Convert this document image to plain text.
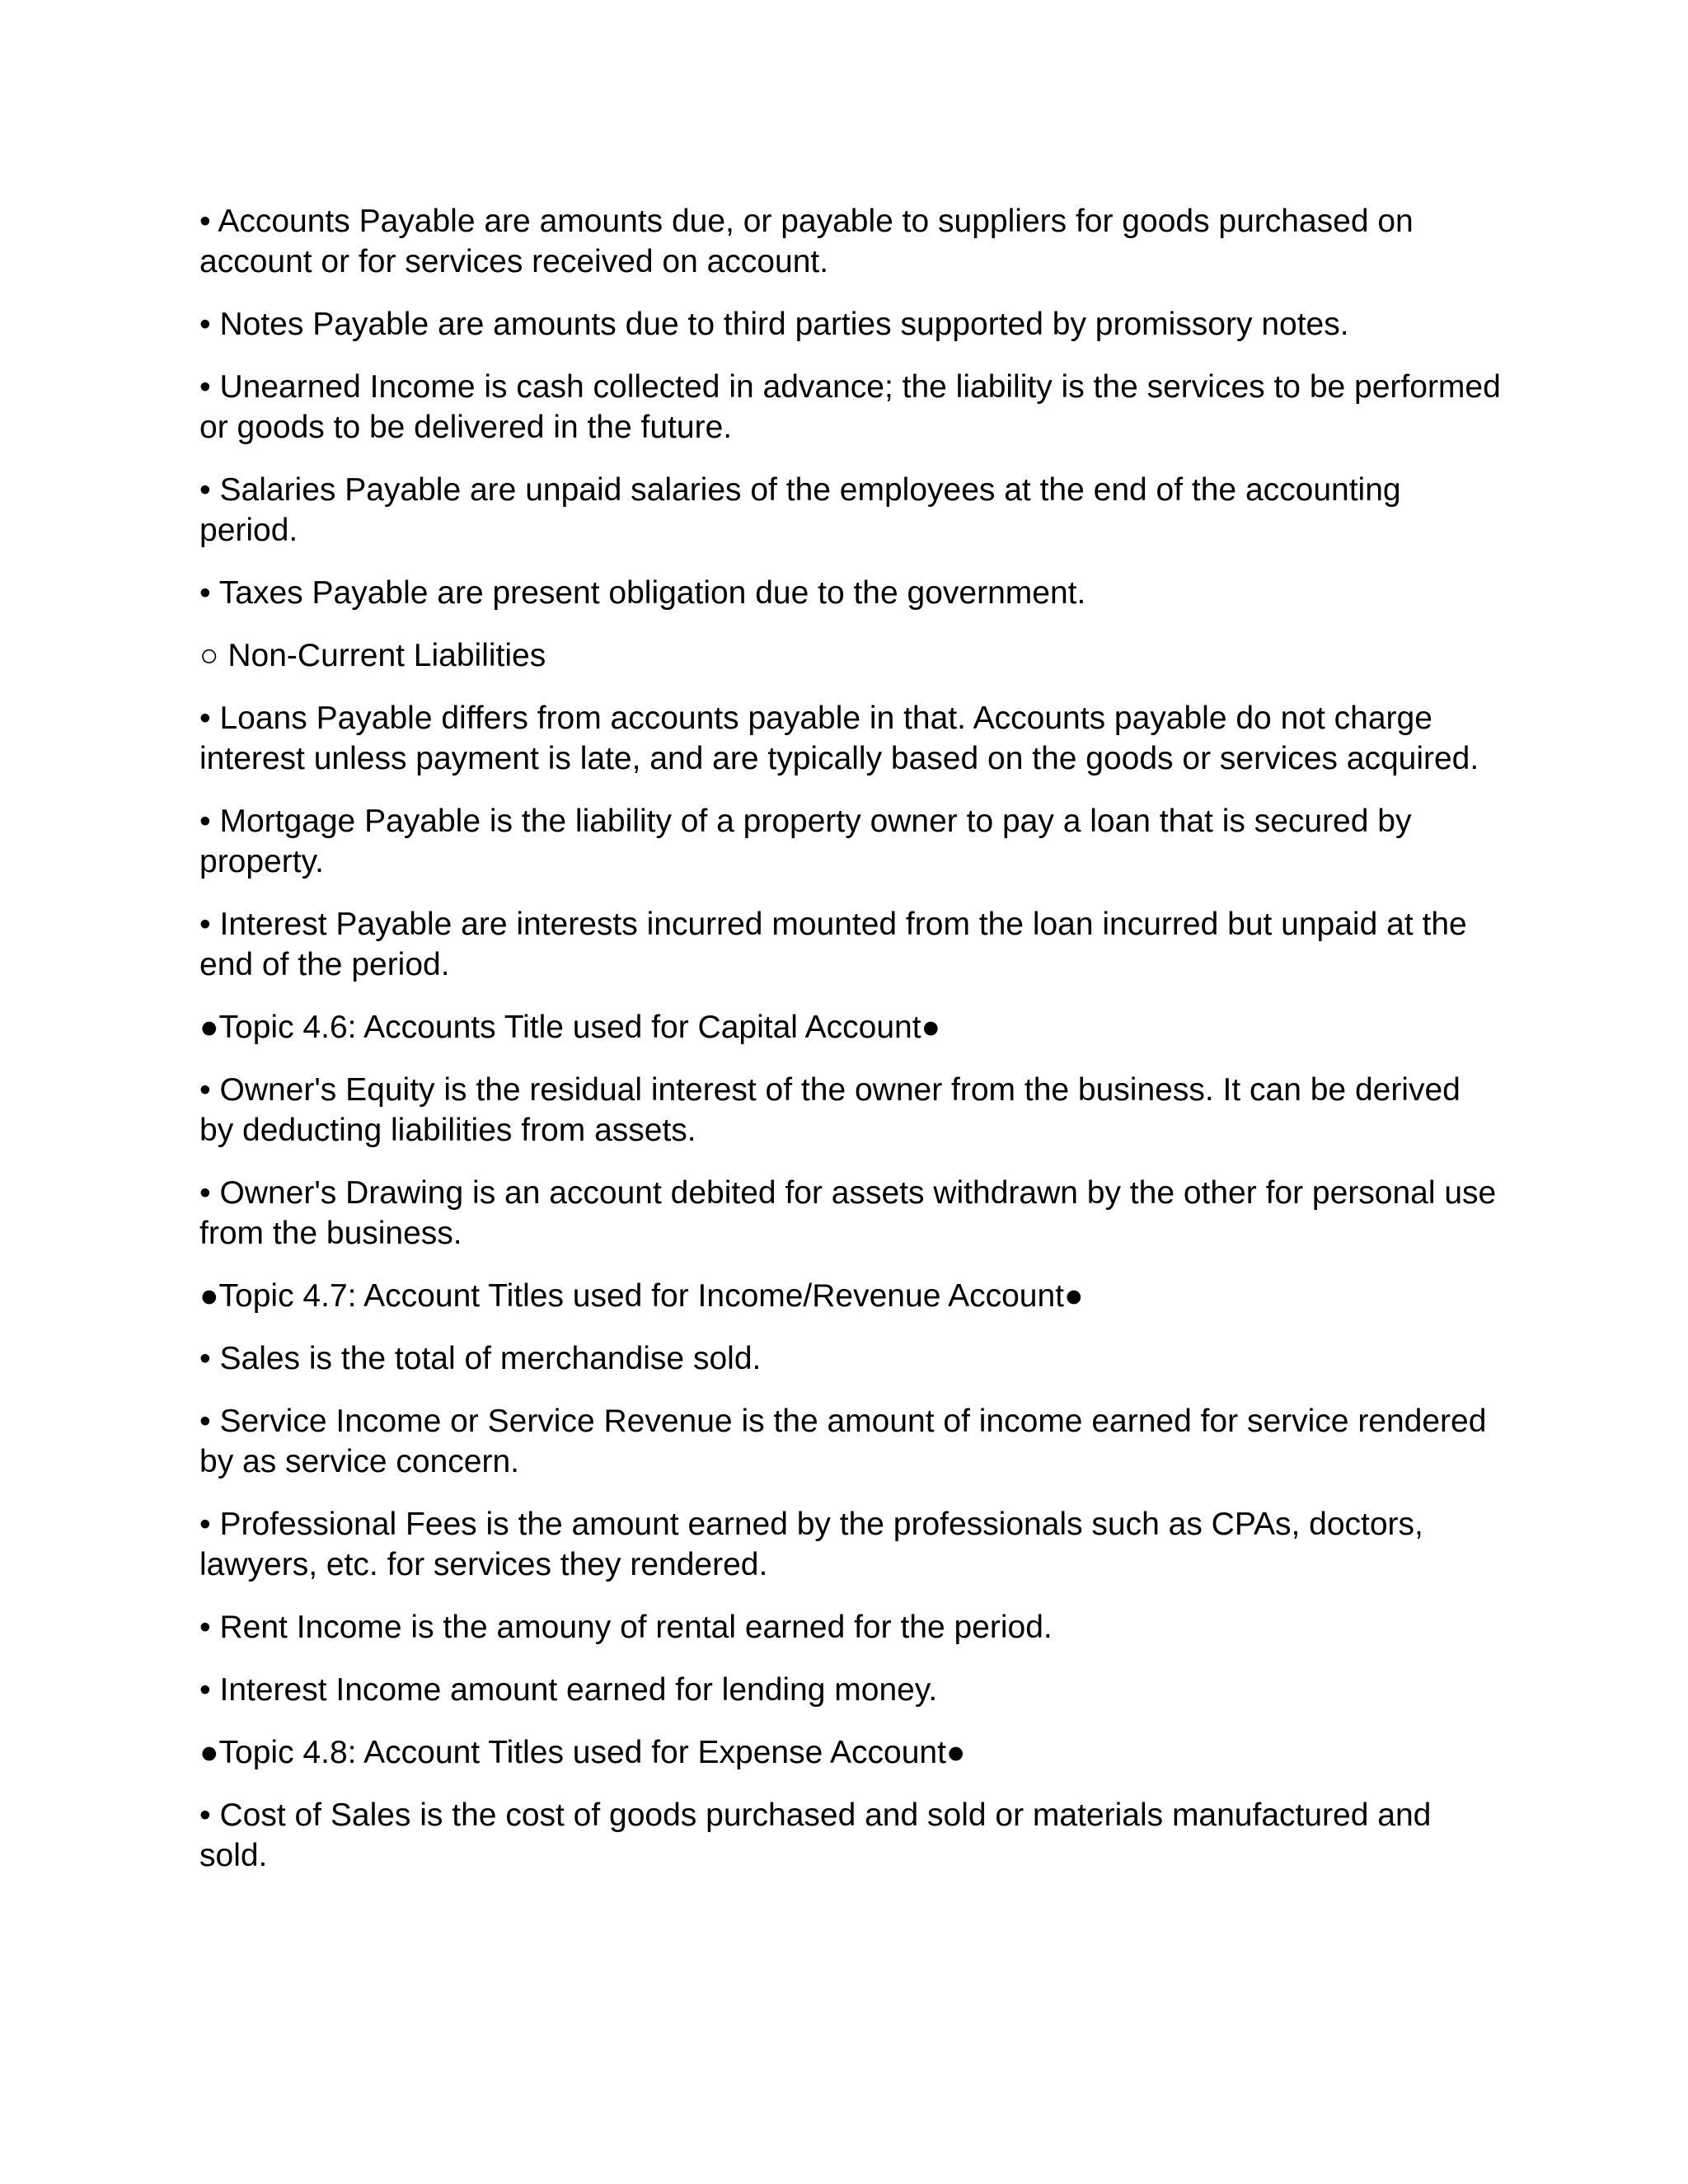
• Accounts Payable are amounts due, or payable to suppliers for goods purchased on account or for services received on account.

• Notes Payable are amounts due to third parties supported by promissory notes.

• Unearned Income is cash collected in advance; the liability is the services to be performed or goods to be delivered in the future.

• Salaries Payable are unpaid salaries of the employees at the end of the accounting period.

• Taxes Payable are present obligation due to the government.

○ Non-Current Liabilities

• Loans Payable differs from accounts payable in that. Accounts payable do not charge interest unless payment is late, and are typically based on the goods or services acquired.

• Mortgage Payable is the liability of a property owner to pay a loan that is secured by property.

• Interest Payable are interests incurred mounted from the loan incurred but unpaid at the end of the period.

●Topic 4.6: Accounts Title used for Capital Account●

• Owner's Equity is the residual interest of the owner from the business. It can be derived by deducting liabilities from assets.

• Owner's Drawing is an account debited for assets withdrawn by the other for personal use from the business.

●Topic 4.7: Account Titles used for Income/Revenue Account●

• Sales is the total of merchandise sold.

• Service Income or Service Revenue is the amount of income earned for service rendered by as service concern.

• Professional Fees is the amount earned by the professionals such as CPAs, doctors, lawyers, etc. for services they rendered.

• Rent Income is the amouny of rental earned for the period.

• Interest Income amount earned for lending money.

●Topic 4.8: Account Titles used for Expense Account●

• Cost of Sales is the cost of goods purchased and sold or materials manufactured and sold.
